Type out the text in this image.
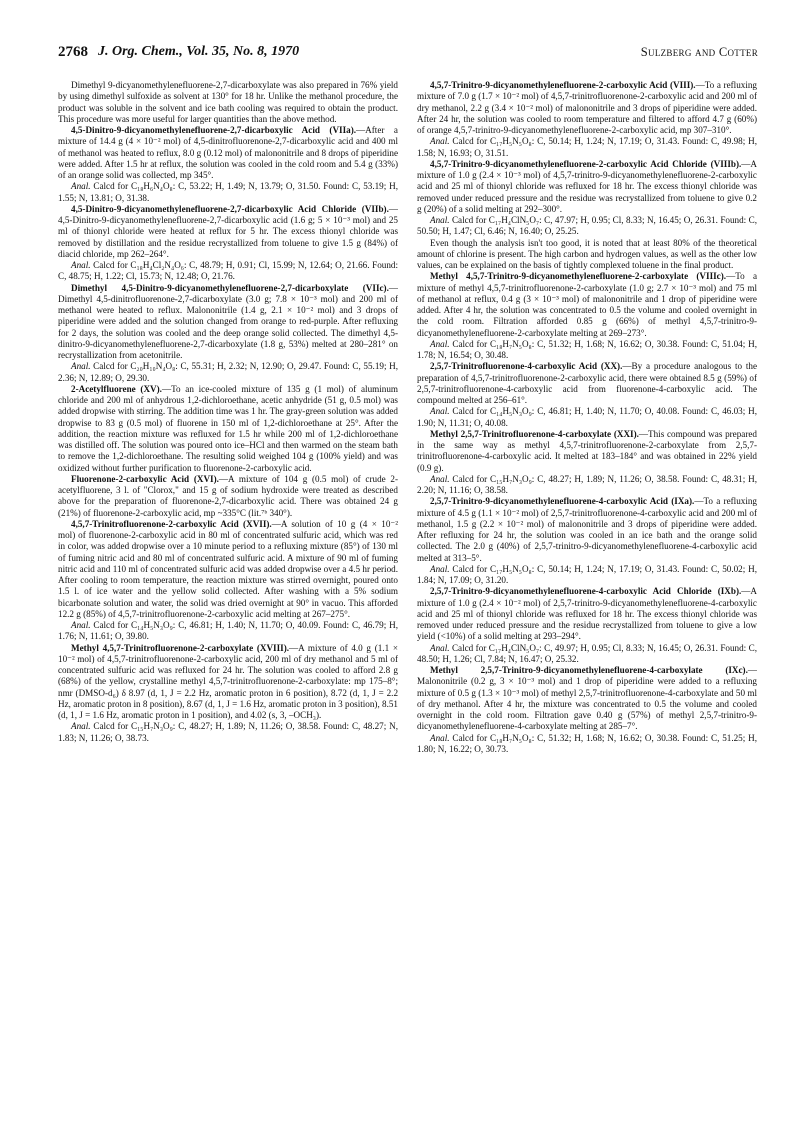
2768 J. Org. Chem., Vol. 35, No. 8, 1970	Sulzberg and Cotter

Dimethyl 9-dicyanomethylenefluorene-2,7-dicarboxylate was also prepared in 76% yield by using dimethyl sulfoxide as solvent at 130° for 18 hr. Unlike the methanol procedure, the product was soluble in the solvent and ice bath cooling was required to obtain the product. This procedure was more useful for larger quantities than the above method.

4,5-Dinitro-9-dicyanomethylenefluorene-2,7-dicarboxylic Acid (VIIa).—After a mixture of 14.4 g (4 × 10⁻² mol) of 4,5-dinitrofluorenone-2,7-dicarboxylic acid and 400 ml of methanol was heated to reflux, 8.0 g (0.12 mol) of malononitrile and 8 drops of piperidine were added. After 1.5 hr at reflux, the solution was cooled in the cold room and 5.4 g (33%) of an orange solid was collected, mp 345°.

Anal. Calcd for C₁₈H₆N₄O₈: C, 53.22; H, 1.49; N, 13.79; O, 31.50. Found: C, 53.19; H, 1.55; N, 13.81; O, 31.38.

4,5-Dinitro-9-dicyanomethylenefluorene-2,7-dicarboxylic Acid Chloride (VIIb).—4,5-Dinitro-9-dicyanomethylenefluorene-2,7-dicarboxylic acid (1.6 g; 5 × 10⁻³ mol) and 25 ml of thionyl chloride were heated at reflux for 5 hr. The excess thionyl chloride was removed by distillation and the residue recrystallized from toluene to give 1.5 g (84%) of diacid chloride, mp 262–264°.

Anal. Calcd for C₁₈H₄Cl₂N₄O₆: C, 48.79; H, 0.91; Cl, 15.99; N, 12.64; O, 21.66. Found: C, 48.75; H, 1.22; Cl, 15.73; N, 12.48; O, 21.76.

Dimethyl 4,5-Dinitro-9-dicyanomethylenefluorene-2,7-dicarboxylate (VIIc).—Dimethyl 4,5-dinitrofluorenone-2,7-dicarboxylate (3.0 g; 7.8 × 10⁻³ mol) and 200 ml of methanol were heated to reflux. Malononitrile (1.4 g, 2.1 × 10⁻² mol) and 3 drops of piperidine were added and the solution changed from orange to red-purple. After refluxing for 2 days, the solution was cooled and the deep orange solid collected. The dimethyl 4,5-dinitro-9-dicyanomethylenefluorene-2,7-dicarboxylate (1.8 g, 53%) melted at 280–281° on recrystallization from acetonitrile.

Anal. Calcd for C₂₀H₁₀N₄O₈: C, 55.31; H, 2.32; N, 12.90; O, 29.47. Found: C, 55.19; H, 2.36; N, 12.89; O, 29.30.

2-Acetylfluorene (XV).—To an ice-cooled mixture of 135 g (1 mol) of aluminum chloride and 200 ml of anhydrous 1,2-dichloroethane, acetic anhydride (51 g, 0.5 mol) was added dropwise with stirring. The addition time was 1 hr. The gray-green solution was added dropwise to 83 g (0.5 mol) of fluorene in 150 ml of 1,2-dichloroethane at 25°. After the addition, the reaction mixture was refluxed for 1.5 hr while 200 ml of 1,2-dichloroethane was distilled off. The solution was poured onto ice–HCl and then warmed on the steam bath to remove the 1,2-dichloroethane. The resulting solid weighed 104 g (100% yield) and was oxidized without further purification to fluorenone-2-carboxylic acid.

Fluorenone-2-carboxylic Acid (XVI).—A mixture of 104 g (0.5 mol) of crude 2-acetylfluorene, 3 l. of "Clorox," and 15 g of sodium hydroxide were treated as described above for the preparation of fluorenone-2,7-dicarboxylic acid. There was obtained 24 g (21%) of fluorenone-2-carboxylic acid, mp ~335°C (lit.⁷ᵇ 340°).

4,5,7-Trinitrofluorenone-2-carboxylic Acid (XVII).—A solution of 10 g (4 × 10⁻² mol) of fluorenone-2-carboxylic acid in 80 ml of concentrated sulfuric acid, which was red in color, was added dropwise over a 10 minute period to a refluxing mixture (85°) of 130 ml of fuming nitric acid and 80 ml of concentrated sulfuric acid. A mixture of 90 ml of fuming nitric acid and 110 ml of concentrated sulfuric acid was added dropwise over a 4.5 hr period. After cooling to room temperature, the reaction mixture was stirred overnight, poured onto 1.5 l. of ice water and the yellow solid collected. After washing with a 5% sodium bicarbonate solution and water, the solid was dried overnight at 90° in vacuo. This afforded 12.2 g (85%) of 4,5,7-trinitrofluorenone-2-carboxylic acid melting at 267–275°.

Anal. Calcd for C₁₄H₅N₃O₉: C, 46.81; H, 1.40; N, 11.70; O, 40.09. Found: C, 46.79; H, 1.76; N, 11.61; O, 39.80.

Methyl 4,5,7-Trinitrofluorenone-2-carboxylate (XVIII).—A mixture of 4.0 g (1.1 × 10⁻² mol) of 4,5,7-trinitrofluorenone-2-carboxylic acid, 200 ml of dry methanol and 5 ml of concentrated sulfuric acid was refluxed for 24 hr. The solution was cooled to afford 2.8 g (68%) of the yellow, crystalline methyl 4,5,7-trinitrofluorenone-2-carboxylate: mp 175–8°; nmr (DMSO-d₆) δ 8.97 (d, 1, J = 2.2 Hz, aromatic proton in 6 position), 8.72 (d, 1, J = 2.2 Hz, aromatic proton in 8 position), 8.67 (d, 1, J = 1.6 Hz, aromatic proton in 3 position), 8.51 (d, 1, J = 1.6 Hz, aromatic proton in 1 position), and 4.02 (s, 3, –OCH₃).

Anal. Calcd for C₁₅H₇N₃O₉: C, 48.27; H, 1.89; N, 11.26; O, 38.58. Found: C, 48.27; N, 1.83; N, 11.26; O, 38.73.

4,5,7-Trinitro-9-dicyanomethylenefluorene-2-carboxylic Acid (VIII).—To a refluxing mixture of 7.0 g (1.7 × 10⁻² mol) of 4,5,7-trinitrofluorenone-2-carboxylic acid and 200 ml of dry methanol, 2.2 g (3.4 × 10⁻² mol) of malononitrile and 3 drops of piperidine were added. After 24 hr, the solution was cooled to room temperature and filtered to afford 4.7 g (60%) of orange 4,5,7-trinitro-9-dicyanomethylenefluorene-2-carboxylic acid, mp 307–310°.

Anal. Calcd for C₁₇H₅N₅O₈: C, 50.14; H, 1.24; N, 17.19; O, 31.43. Found: C, 49.98; H, 1.58; N, 16.93; O, 31.51.

4,5,7-Trinitro-9-dicyanomethylenefluorene-2-carboxylic Acid Chloride (VIIIb).—A mixture of 1.0 g (2.4 × 10⁻³ mol) of 4,5,7-trinitro-9-dicyanomethylenefluorene-2-carboxylic acid and 25 ml of thionyl chloride was refluxed for 18 hr. The excess thionyl chloride was removed under reduced pressure and the residue was recrystallized from toluene to give 0.2 g (20%) of a solid melting at 292–300°.

Anal. Calcd for C₁₇H₄ClN₅O₇: C, 47.97; H, 0.95; Cl, 8.33; N, 16.45; O, 26.31. Found: C, 50.50; H, 1.47; Cl, 6.46; N, 16.40; O, 25.25.

Even though the analysis isn't too good, it is noted that at least 80% of the theoretical amount of chlorine is present. The high carbon and hydrogen values, as well as the other low values, can be explained on the basis of tightly complexed toluene in the final product.

Methyl 4,5,7-Trinitro-9-dicyanomethylenefluorene-2-carboxylate (VIIIc).—To a mixture of methyl 4,5,7-trinitrofluorenone-2-carboxylate (1.0 g; 2.7 × 10⁻³ mol) and 75 ml of methanol at reflux, 0.4 g (3 × 10⁻³ mol) of malononitrile and 1 drop of piperidine were added. After 4 hr, the solution was concentrated to 0.5 the volume and cooled overnight in the cold room. Filtration afforded 0.85 g (66%) of methyl 4,5,7-trinitro-9-dicyanomethylenefluorene-2-carboxylate melting at 269–273°.

Anal. Calcd for C₁₈H₇N₅O₈: C, 51.32; H, 1.68; N, 16.62; O, 30.38. Found: C, 51.04; H, 1.78; N, 16.54; O, 30.48.

2,5,7-Trinitrofluorenone-4-carboxylic Acid (XX).—By a procedure analogous to the preparation of 4,5,7-trinitrofluorenone-2-carboxylic acid, there were obtained 8.5 g (59%) of 2,5,7-trinitrofluorenone-4-carboxylic acid from fluorenone-4-carboxylic acid. The compound melted at 256–61°.

Anal. Calcd for C₁₄H₅N₃O₉: C, 46.81; H, 1.40; N, 11.70; O, 40.08. Found: C, 46.03; H, 1.90; N, 11.31; O, 40.08.

Methyl 2,5,7-Trinitrofluorenone-4-carboxylate (XXI).—This compound was prepared in the same way as methyl 4,5,7-trinitrofluorenone-2-carboxylate from 2,5,7-trinitrofluorenone-4-carboxylic acid. It melted at 183–184° and was obtained in 22% yield (0.9 g).

Anal. Calcd for C₁₅H₇N₃O₉: C, 48.27; H, 1.89; N, 11.26; O, 38.58. Found: C, 48.31; H, 2.20; N, 11.16; O, 38.58.

2,5,7-Trinitro-9-dicyanomethylenefluorene-4-carboxylic Acid (IXa).—To a refluxing mixture of 4.5 g (1.1 × 10⁻² mol) of 2,5,7-trinitrofluorenone-4-carboxylic acid and 200 ml of methanol, 1.5 g (2.2 × 10⁻² mol) of malononitrile and 3 drops of piperidine were added. After refluxing for 24 hr, the solution was cooled in an ice bath and the orange solid collected. The 2.0 g (40%) of 2,5,7-trinitro-9-dicyanomethylenefluorene-4-carboxylic acid melted at 313–5°.

Anal. Calcd for C₁₇H₅N₅O₈: C, 50.14; H, 1.24; N, 17.19; O, 31.43. Found: C, 50.02; H, 1.84; N, 17.09; O, 31.20.

2,5,7-Trinitro-9-dicyanomethylenefluorene-4-carboxylic Acid Chloride (IXb).—A mixture of 1.0 g (2.4 × 10⁻² mol) of 2,5,7-trinitro-9-dicyanomethylenefluorene-4-carboxylic acid and 25 ml of thionyl chloride was refluxed for 18 hr. The excess thionyl chloride was removed under reduced pressure and the residue recrystallized from toluene to give a low yield (<10%) of a solid melting at 293–294°.

Anal. Calcd for C₁₇H₄ClN₅O₇: C, 49.97; H, 0.95; Cl, 8.33; N, 16.45; O, 26.31. Found: C, 48.50; H, 1.26; Cl, 7.84; N, 16.47; O, 25.32.

Methyl 2,5,7-Trinitro-9-dicyanomethylenefluorene-4-carboxylate (IXc).—Malononitrile (0.2 g, 3 × 10⁻³ mol) and 1 drop of piperidine were added to a refluxing mixture of 0.5 g (1.3 × 10⁻³ mol) of methyl 2,5,7-trinitrofluorenone-4-carboxylate and 50 ml of dry methanol. After 4 hr, the mixture was concentrated to 0.5 the volume and cooled overnight in the cold room. Filtration gave 0.40 g (57%) of methyl 2,5,7-trinitro-9-dicyanomethylenefluorene-4-carboxylate melting at 285–7°.

Anal. Calcd for C₁₈H₇N₅O₈: C, 51.32; H, 1.68; N, 16.62; O, 30.38. Found: C, 51.25; H, 1.80; N, 16.22; O, 30.73.
